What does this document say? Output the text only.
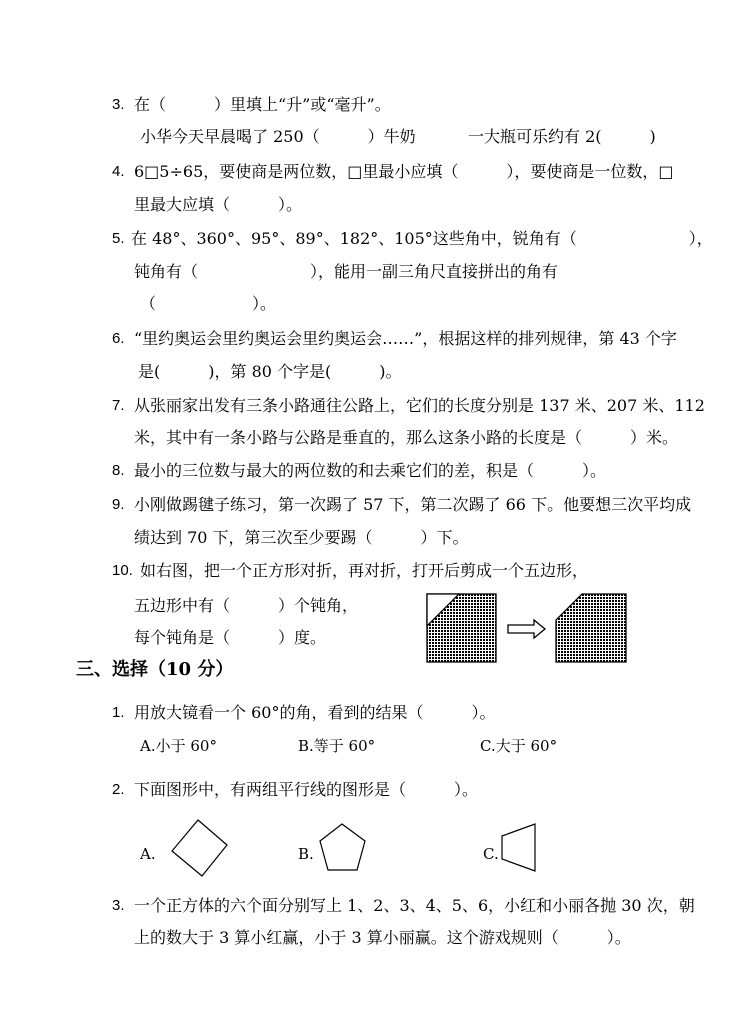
3. 在（　　　）里填上“升”或“毫升”。
小华今天早晨喝了 250（　　　）牛奶	一大瓶可乐约有 2(　　　)
4. 6□5÷65，要使商是两位数，□里最小应填（　　　），要使商是一位数，□
里最大应填（　　　）。
5. 在 48°、360°、95°、89°、182°、105°这些角中，锐角有（　　　　　　　），
钝角有（　　　　　　　），能用一副三角尺直接拼出的角有
（　　　　　　）。
6. “里约奥运会里约奥运会里约奥运会……”，根据这样的排列规律，第 43 个字
是(　　　)，第 80 个字是(　　　)。
7. 从张丽家出发有三条小路通往公路上，它们的长度分别是 137 米、207 米、112
米，其中有一条小路与公路是垂直的，那么这条小路的长度是（　　　）米。
8. 最小的三位数与最大的两位数的和去乘它们的差，积是（　　　）。
9. 小刚做踢毽子练习，第一次踢了 57 下，第二次踢了 66 下。他要想三次平均成
绩达到 70 下，第三次至少要踢（　　　）下。
10. 如右图，把一个正方形对折，再对折，打开后剪成一个五边形，
五边形中有（　　　）个钝角，
每个钝角是（　　　）度。
三、选择（10 分）
1. 用放大镜看一个 60°的角，看到的结果（　　　）。
A.小于 60°	B.等于 60°	C.大于 60°
2. 下面图形中，有两组平行线的图形是（　　　）。
A.	B.	C.
3. 一个正方体的六个面分别写上 1、2、3、4、5、6，小红和小丽各抛 30 次，朝
上的数大于 3 算小红赢，小于 3 算小丽赢。这个游戏规则（　　　）。
